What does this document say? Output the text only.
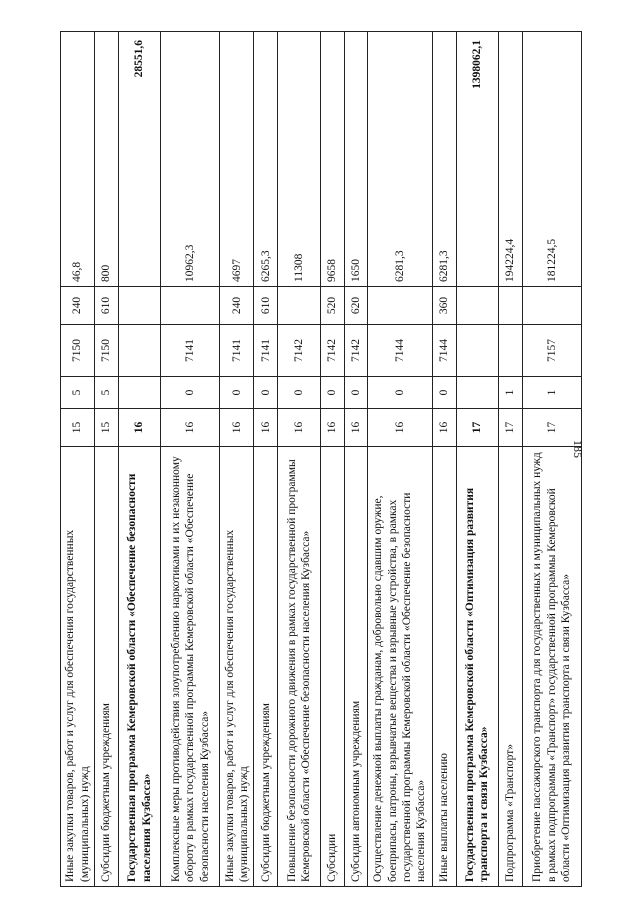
185
Иные закупки товаров, работ и услуг для обеспечения государственных (муниципальных) нужд	15	5	7150	240	46,8
Субсидии бюджетным учреждениям	15	5	7150	610	800
Государственная программа Кемеровской области «Обеспечение безопасности населения Кузбасса»	16				28551,6
Комплексные меры противодействия злоупотреблению наркотиками и их незаконному обороту в рамках государственной программы Кемеровской области «Обеспечение безопасности населения Кузбасса»	16	0	7141		10962,3
Иные закупки товаров, работ и услуг для обеспечения государственных (муниципальных) нужд	16	0	7141	240	4697
Субсидии бюджетным учреждениям	16	0	7141	610	6265,3
Повышение безопасности дорожного движения в рамках государственной программы Кемеровской области «Обеспечение безопасности населения Кузбасса»	16	0	7142		11308
Субсидии	16	0	7142	520	9658
Субсидии автономным учреждениям	16	0	7142	620	1650
Осуществление денежной выплаты гражданам, добровольно сдавшим оружие, боеприпасы, патроны, взрывчатые вещества и взрывные устройства, в рамках государственной программы Кемеровской области «Обеспечение безопасности населения Кузбасса»	16	0	7144		6281,3
Иные выплаты населению	16	0	7144	360	6281,3
Государственная программа Кемеровской области «Оптимизация развития транспорта и связи Кузбасса»	17				1398062,1
Подпрограмма «Транспорт»	17	1			194224,4
Приобретение пассажирского транспорта для государственных и муниципальных нужд в рамках подпрограммы «Транспорт» государственной программы Кемеровской области «Оптимизация развития транспорта и связи Кузбасса»	17	1	7157		181224,5
